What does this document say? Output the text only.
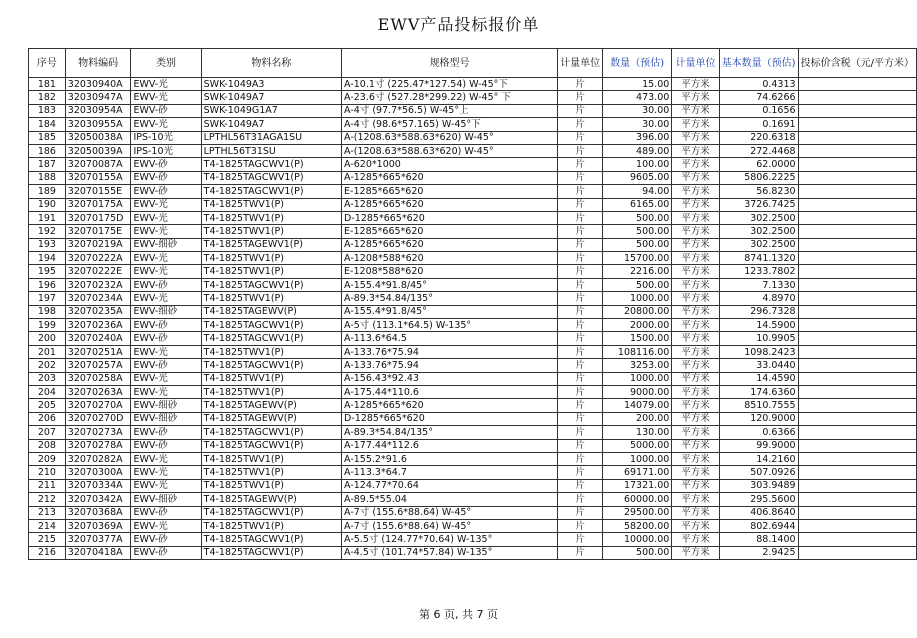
EWV产品投标报价单
序号	物料编码	类别	物料名称	规格型号	计量单位	数量（预估)	计量单位	基本数量（预估)	投标价含税（元/平方米）
181	32030940A	EWV-光	SWK-1049A3	A-10.1寸 (225.47*127.54) W-45°下	片	15.00	平方米	0.4313	
182	32030947A	EWV-光	SWK-1049A7	A-23.6寸 (527.28*299.22) W-45° 下	片	473.00	平方米	74.6266	
183	32030954A	EWV-砂	SWK-1049G1A7	A-4寸 (97.7*56.5) W-45°上	片	30.00	平方米	0.1656	
184	32030955A	EWV-光	SWK-1049A7	A-4寸 (98.6*57.165) W-45°下	片	30.00	平方米	0.1691	
185	32050038A	IPS-10光	LPTHL56T31AGA1SU	A-(1208.63*588.63*620) W-45°	片	396.00	平方米	220.6318	
186	32050039A	IPS-10光	LPTHL56T31SU	A-(1208.63*588.63*620) W-45°	片	489.00	平方米	272.4468	
187	32070087A	EWV-砂	T4-1825TAGCWV1(P)	A-620*1000	片	100.00	平方米	62.0000	
188	32070155A	EWV-砂	T4-1825TAGCWV1(P)	A-1285*665*620	片	9605.00	平方米	5806.2225	
189	32070155E	EWV-砂	T4-1825TAGCWV1(P)	E-1285*665*620	片	94.00	平方米	56.8230	
190	32070175A	EWV-光	T4-1825TWV1(P)	A-1285*665*620	片	6165.00	平方米	3726.7425	
191	32070175D	EWV-光	T4-1825TWV1(P)	D-1285*665*620	片	500.00	平方米	302.2500	
192	32070175E	EWV-光	T4-1825TWV1(P)	E-1285*665*620	片	500.00	平方米	302.2500	
193	32070219A	EWV-细砂	T4-1825TAGEWV1(P)	A-1285*665*620	片	500.00	平方米	302.2500	
194	32070222A	EWV-光	T4-1825TWV1(P)	A-1208*588*620	片	15700.00	平方米	8741.1320	
195	32070222E	EWV-光	T4-1825TWV1(P)	E-1208*588*620	片	2216.00	平方米	1233.7802	
196	32070232A	EWV-砂	T4-1825TAGCWV1(P)	A-155.4*91.8/45°	片	500.00	平方米	7.1330	
197	32070234A	EWV-光	T4-1825TWV1(P)	A-89.3*54.84/135°	片	1000.00	平方米	4.8970	
198	32070235A	EWV-细砂	T4-1825TAGEWV(P)	A-155.4*91.8/45°	片	20800.00	平方米	296.7328	
199	32070236A	EWV-砂	T4-1825TAGCWV1(P)	A-5寸 (113.1*64.5) W-135°	片	2000.00	平方米	14.5900	
200	32070240A	EWV-砂	T4-1825TAGCWV1(P)	A-113.6*64.5	片	1500.00	平方米	10.9905	
201	32070251A	EWV-光	T4-1825TWV1(P)	A-133.76*75.94	片	108116.00	平方米	1098.2423	
202	32070257A	EWV-砂	T4-1825TAGCWV1(P)	A-133.76*75.94	片	3253.00	平方米	33.0440	
203	32070258A	EWV-光	T4-1825TWV1(P)	A-156.43*92.43	片	1000.00	平方米	14.4590	
204	32070263A	EWV-光	T4-1825TWV1(P)	A-175.44*110.6	片	9000.00	平方米	174.6360	
205	32070270A	EWV-细砂	T4-1825TAGEWV(P)	A-1285*665*620	片	14079.00	平方米	8510.7555	
206	32070270D	EWV-细砂	T4-1825TAGEWV(P)	D-1285*665*620	片	200.00	平方米	120.9000	
207	32070273A	EWV-砂	T4-1825TAGCWV1(P)	A-89.3*54.84/135°	片	130.00	平方米	0.6366	
208	32070278A	EWV-砂	T4-1825TAGCWV1(P)	A-177.44*112.6	片	5000.00	平方米	99.9000	
209	32070282A	EWV-光	T4-1825TWV1(P)	A-155.2*91.6	片	1000.00	平方米	14.2160	
210	32070300A	EWV-光	T4-1825TWV1(P)	A-113.3*64.7	片	69171.00	平方米	507.0926	
211	32070334A	EWV-光	T4-1825TWV1(P)	A-124.77*70.64	片	17321.00	平方米	303.9489	
212	32070342A	EWV-细砂	T4-1825TAGEWV(P)	A-89.5*55.04	片	60000.00	平方米	295.5600	
213	32070368A	EWV-砂	T4-1825TAGCWV1(P)	A-7寸 (155.6*88.64) W-45°	片	29500.00	平方米	406.8640	
214	32070369A	EWV-光	T4-1825TWV1(P)	A-7寸 (155.6*88.64) W-45°	片	58200.00	平方米	802.6944	
215	32070377A	EWV-砂	T4-1825TAGCWV1(P)	A-5.5寸 (124.77*70.64) W-135°	片	10000.00	平方米	88.1400	
216	32070418A	EWV-砂	T4-1825TAGCWV1(P)	A-4.5寸 (101.74*57.84) W-135°	片	500.00	平方米	2.9425	
第 6 页, 共 7 页
